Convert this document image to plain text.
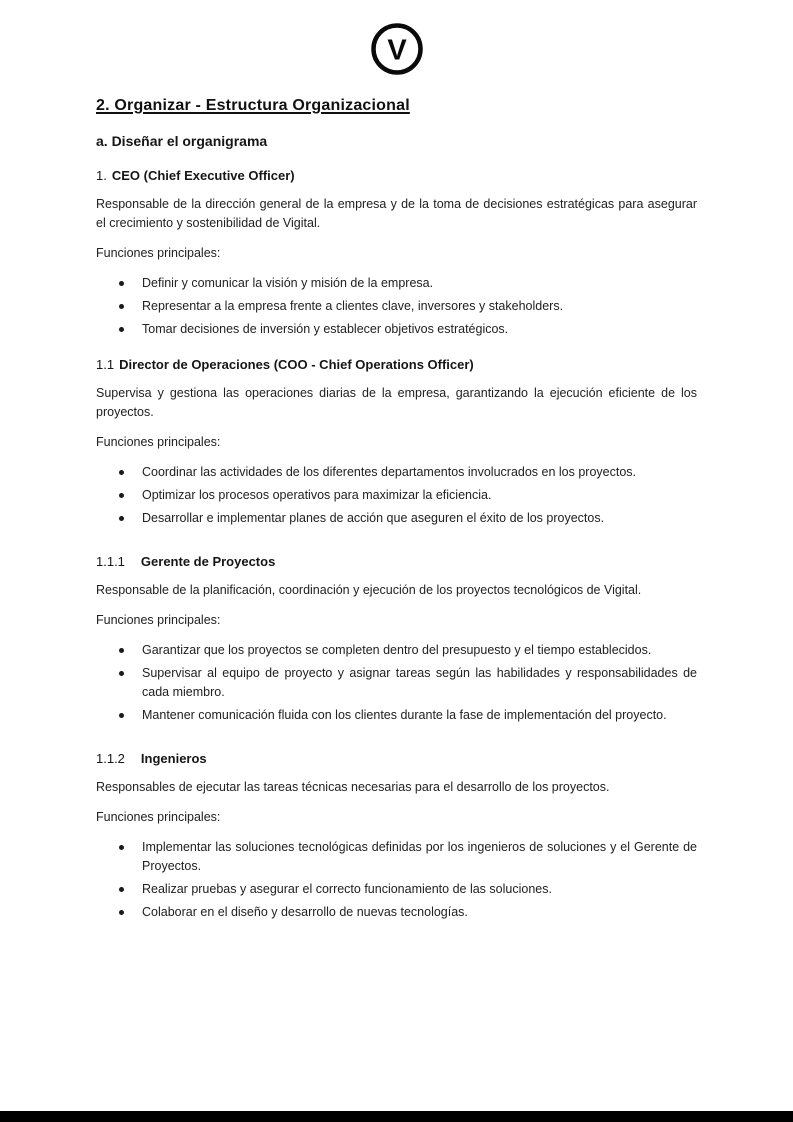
V
2. Organizar - Estructura Organizacional
a. Diseñar el organigrama
1. CEO (Chief Executive Officer)

Responsable de la dirección general de la empresa y de la toma de decisiones estratégicas para asegurar el crecimiento y sostenibilidad de Vigital.

Funciones principales:

Definir y comunicar la visión y misión de la empresa.
Representar a la empresa frente a clientes clave, inversores y stakeholders.
Tomar decisiones de inversión y establecer objetivos estratégicos.
1.1 Director de Operaciones (COO - Chief Operations Officer)

Supervisa y gestiona las operaciones diarias de la empresa, garantizando la ejecución eficiente de los proyectos.

Funciones principales:

Coordinar las actividades de los diferentes departamentos involucrados en los proyectos.
Optimizar los procesos operativos para maximizar la eficiencia.
Desarrollar e implementar planes de acción que aseguren el éxito de los proyectos.
1.1.1 Gerente de Proyectos

Responsable de la planificación, coordinación y ejecución de los proyectos tecnológicos de Vigital.

Funciones principales:

Garantizar que los proyectos se completen dentro del presupuesto y el tiempo establecidos.
Supervisar al equipo de proyecto y asignar tareas según las habilidades y responsabilidades de cada miembro.
Mantener comunicación fluida con los clientes durante la fase de implementación del proyecto.
1.1.2 Ingenieros

Responsables de ejecutar las tareas técnicas necesarias para el desarrollo de los proyectos.

Funciones principales:

Implementar las soluciones tecnológicas definidas por los ingenieros de soluciones y el Gerente de Proyectos.
Realizar pruebas y asegurar el correcto funcionamiento de las soluciones.
Colaborar en el diseño y desarrollo de nuevas tecnologías.
